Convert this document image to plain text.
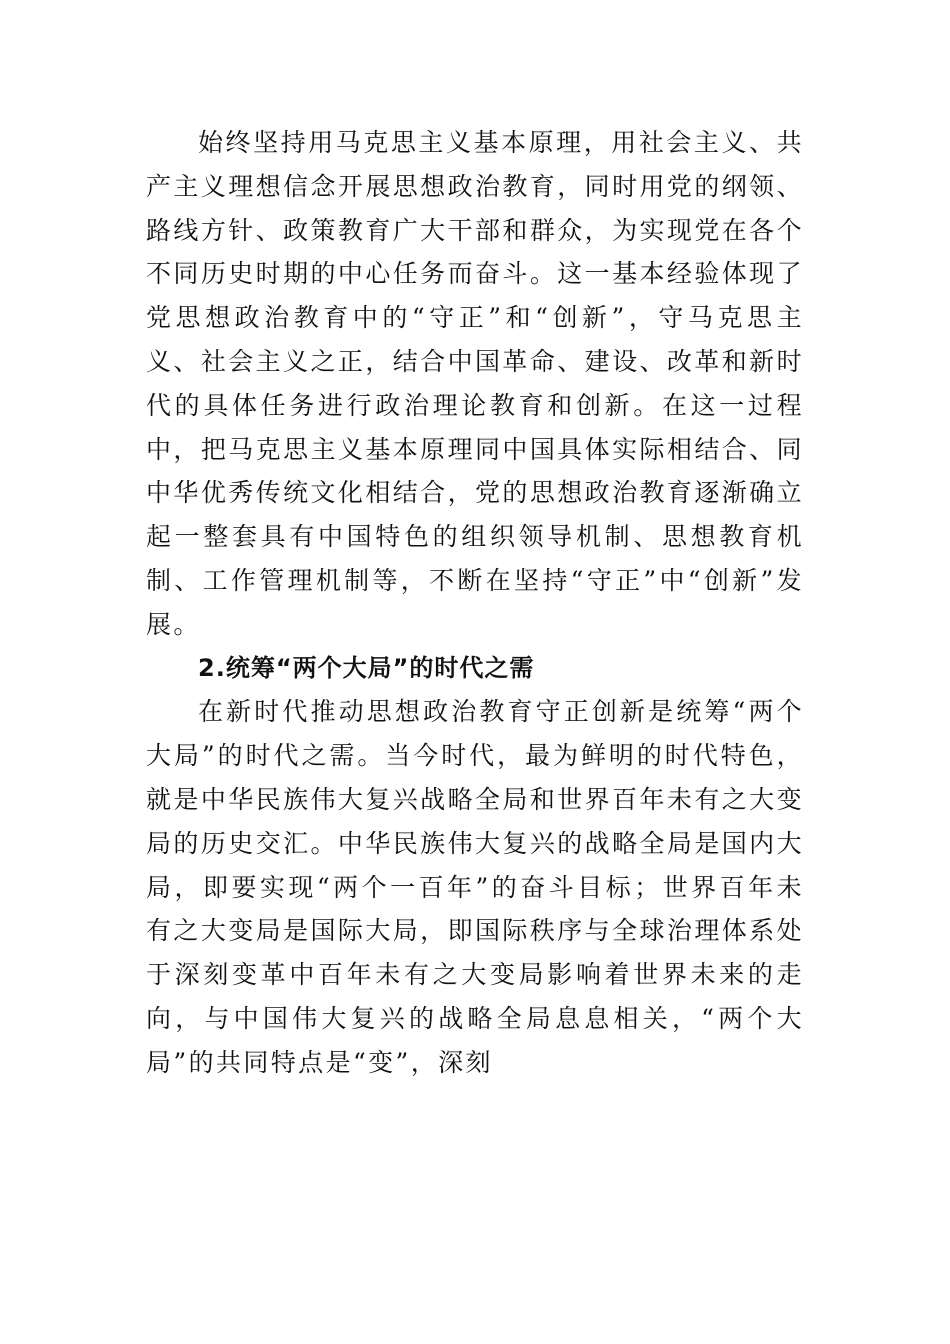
始终坚持用马克思主义基本原理，用社会主义、共产主义理想信念开展思想政治教育，同时用党的纲领、路线方针、政策教育广大干部和群众，为实现党在各个不同历史时期的中心任务而奋斗。这一基本经验体现了党思想政治教育中的“守正”和“创新”，守马克思主义、社会主义之正，结合中国革命、建设、改革和新时代的具体任务进行政治理论教育和创新。在这一过程中，把马克思主义基本原理同中国具体实际相结合、同中华优秀传统文化相结合，党的思想政治教育逐渐确立起一整套具有中国特色的组织领导机制、思想教育机制、工作管理机制等，不断在坚持“守正”中“创新”发展。

2.统筹“两个大局”的时代之需

在新时代推动思想政治教育守正创新是统筹“两个大局”的时代之需。当今时代，最为鲜明的时代特色，就是中华民族伟大复兴战略全局和世界百年未有之大变局的历史交汇。中华民族伟大复兴的战略全局是国内大局，即要实现“两个一百年”的奋斗目标；世界百年未有之大变局是国际大局，即国际秩序与全球治理体系处于深刻变革中百年未有之大变局影响着世界未来的走向，与中国伟大复兴的战略全局息息相关，“两个大局”的共同特点是“变”，深刻
